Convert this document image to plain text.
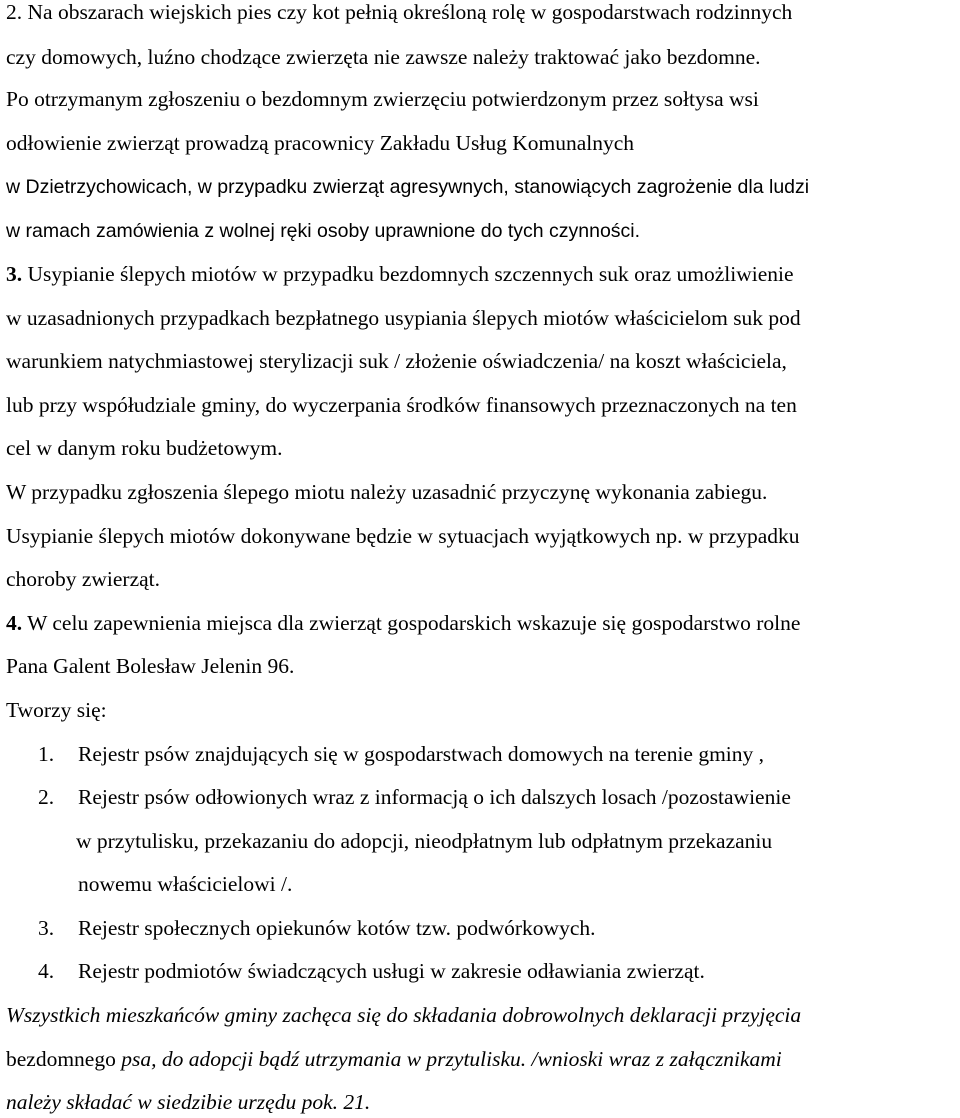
2. Na obszarach wiejskich pies czy kot pełnią określoną rolę w gospodarstwach rodzinnych
czy domowych, luźno chodzące zwierzęta nie zawsze należy traktować jako bezdomne.
Po otrzymanym zgłoszeniu o bezdomnym zwierzęciu potwierdzonym przez sołtysa wsi
odłowienie zwierząt prowadzą pracownicy Zakładu Usług Komunalnych
w Dzietrzychowicach, w przypadku zwierząt agresywnych, stanowiących zagrożenie dla ludzi
w ramach zamówienia z wolnej ręki osoby uprawnione do tych czynności.
3. Usypianie ślepych miotów w przypadku bezdomnych szczennych suk oraz umożliwienie
w uzasadnionych przypadkach bezpłatnego usypiania ślepych miotów właścicielom suk pod
warunkiem natychmiastowej sterylizacji suk / złożenie oświadczenia/ na koszt właściciela,
lub przy współudziale gminy, do wyczerpania środków finansowych przeznaczonych na ten
cel w danym roku budżetowym.
W przypadku zgłoszenia ślepego miotu należy uzasadnić przyczynę wykonania zabiegu.
Usypianie ślepych miotów dokonywane będzie w sytuacjach wyjątkowych np. w przypadku
choroby zwierząt.
4. W celu zapewnienia miejsca dla zwierząt gospodarskich wskazuje się gospodarstwo rolne
Pana Galent Bolesław Jelenin 96.
Tworzy się:
1. Rejestr psów znajdujących się w gospodarstwach domowych na terenie gminy ,
2. Rejestr psów odłowionych wraz z informacją o ich dalszych losach /pozostawienie
w przytulisku, przekazaniu do adopcji, nieodpłatnym lub odpłatnym przekazaniu
nowemu właścicielowi /.
3. Rejestr społecznych opiekunów kotów tzw. podwórkowych.
4. Rejestr podmiotów świadczących usługi w zakresie odławiania zwierząt.
Wszystkich mieszkańców gminy zachęca się do składania dobrowolnych deklaracji przyjęcia
bezdomnego psa, do adopcji bądź utrzymania w przytulisku. /wnioski wraz z załącznikami
należy składać w siedzibie urzędu pok. 21.
